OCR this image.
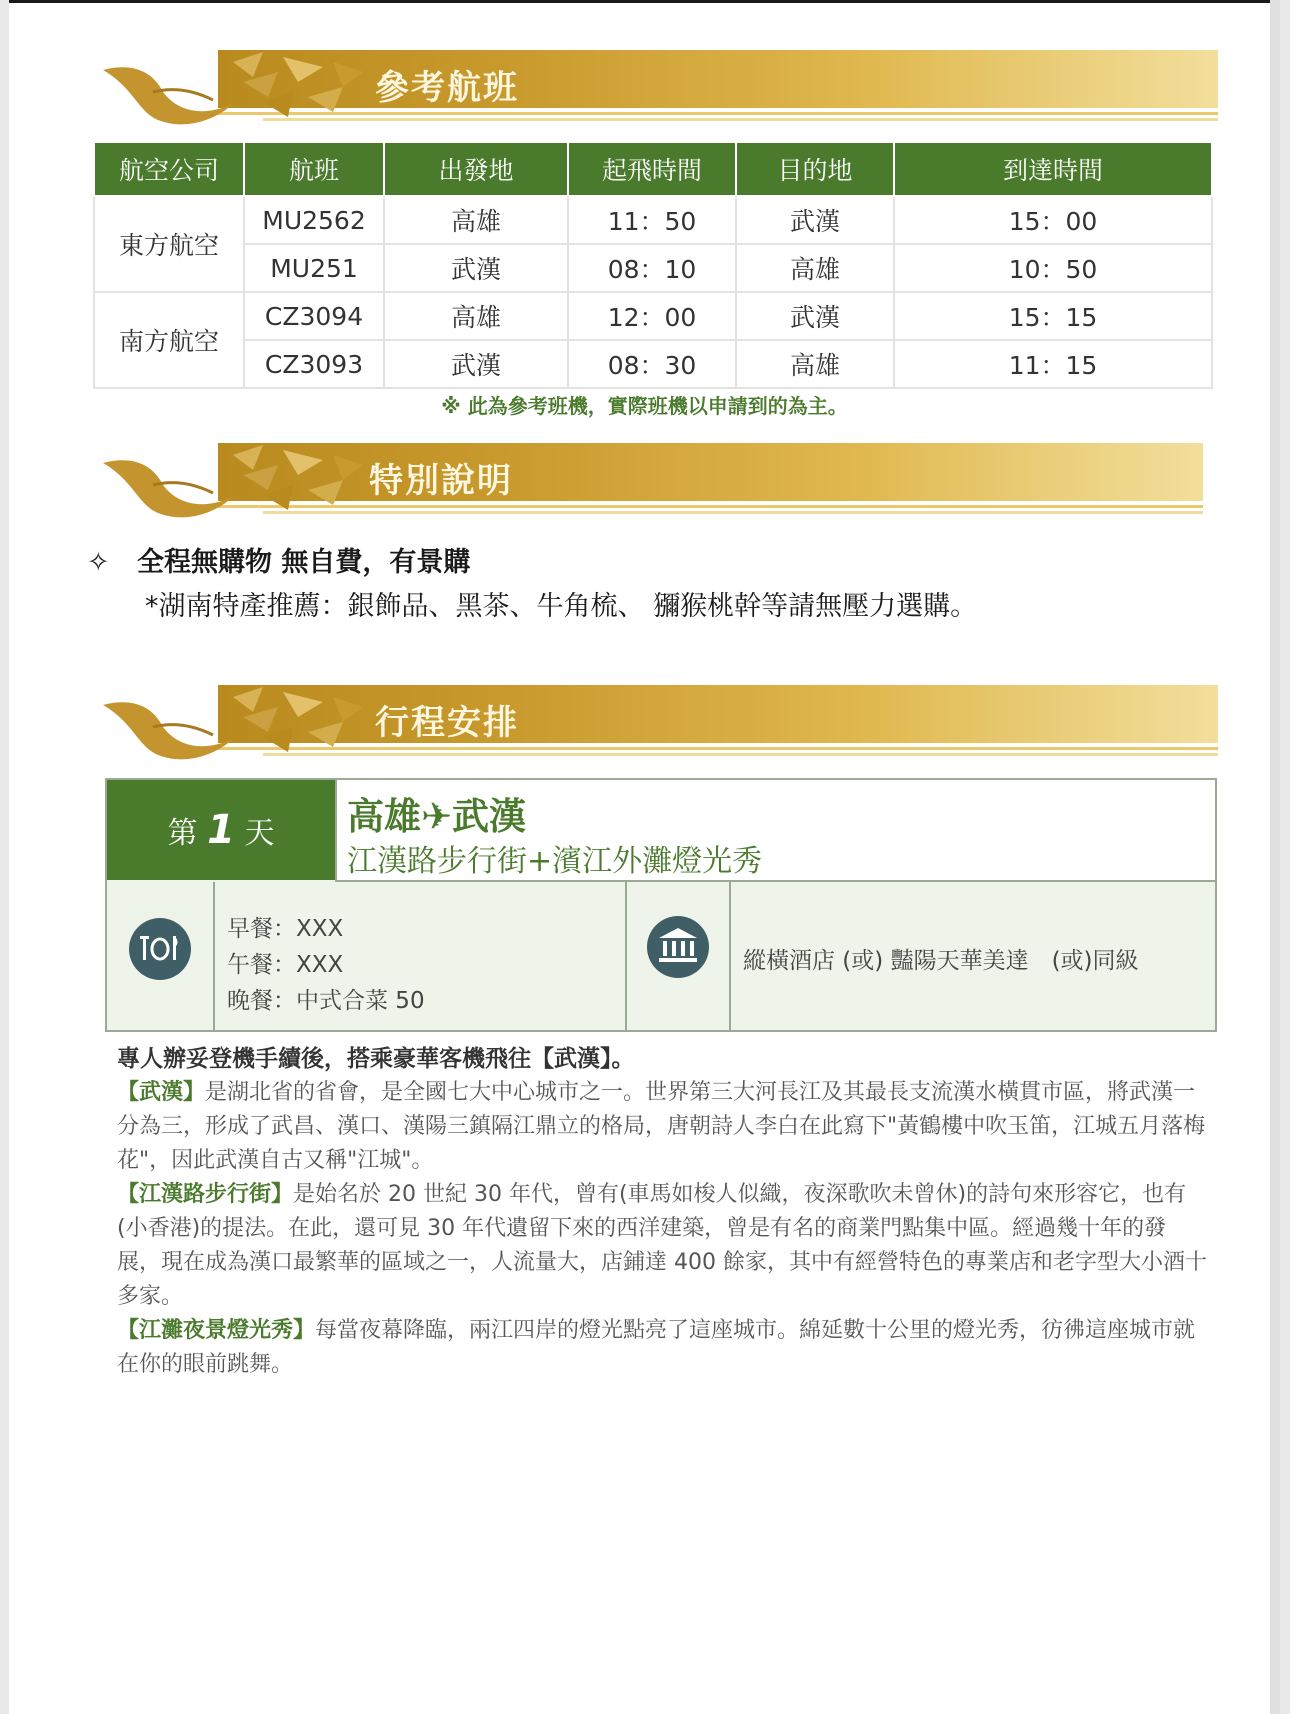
參考航班
航空公司	航班	出發地	起飛時間	目的地	到達時間
東方航空	MU2562	高雄	11：50	武漢	15：00
	MU251	武漢	08：10	高雄	10：50
南方航空	CZ3094	高雄	12：00	武漢	15：15
	CZ3093	武漢	08：30	高雄	11：15
※ 此為參考班機，實際班機以申請到的為主。
特別說明
✧ 全程無購物 無自費，有景購
*湖南特產推薦：銀飾品、黑茶、牛角梳、 獼猴桃幹等請無壓力選購。
行程安排
第 1 天	高雄✈武漢
江漢路步行街+濱江外灘燈光秀
早餐：XXX
午餐：XXX
晚餐：中式合菜 50
縱橫酒店 (或) 豔陽天華美達　(或)同級
專人辦妥登機手續後，搭乘豪華客機飛往【武漢】。
【武漢】是湖北省的省會，是全國七大中心城市之一。世界第三大河長江及其最長支流漢水橫貫市區，將武漢一分為三，形成了武昌、漢口、漢陽三鎮隔江鼎立的格局，唐朝詩人李白在此寫下"黃鶴樓中吹玉笛，江城五月落梅花"，因此武漢自古又稱"江城"。
【江漢路步行街】是始名於 20 世紀 30 年代，曾有(車馬如梭人似織，夜深歌吹未曾休)的詩句來形容它，也有(小香港)的提法。在此，還可見 30 年代遺留下來的西洋建築，曾是有名的商業門點集中區。經過幾十年的發展，現在成為漢口最繁華的區域之一，人流量大，店鋪達 400 餘家，其中有經營特色的專業店和老字型大小酒十多家。
【江灘夜景燈光秀】每當夜幕降臨，兩江四岸的燈光點亮了這座城市。綿延數十公里的燈光秀，彷彿這座城市就在你的眼前跳舞。
